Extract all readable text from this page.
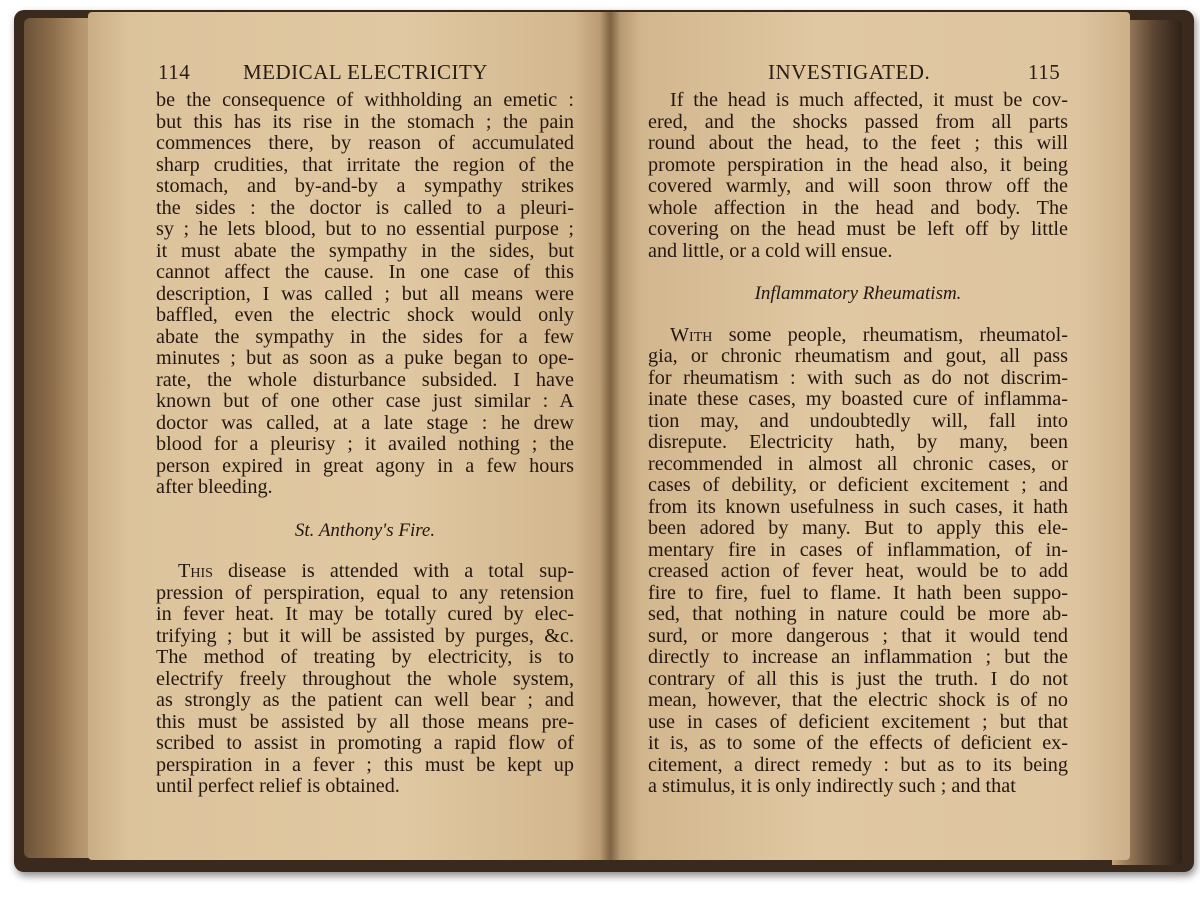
114	MEDICAL ELECTRICITY
be the consequence of withholding an emetic :
but this has its rise in the stomach ; the pain
commences there, by reason of accumulated
sharp crudities, that irritate the region of the
stomach, and by-and-by a sympathy strikes
the sides : the doctor is called to a pleuri-
sy ; he lets blood, but to no essential purpose ;
it must abate the sympathy in the sides, but
cannot affect the cause. In one case of this
description, I was called ; but all means were
baffled, even the electric shock would only
abate the sympathy in the sides for a few
minutes ; but as soon as a puke began to ope-
rate, the whole disturbance subsided. I have
known but of one other case just similar : A
doctor was called, at a late stage : he drew
blood for a pleurisy ; it availed nothing ; the
person expired in great agony in a few hours
after bleeding.
St. Anthony's Fire.
This disease is attended with a total sup-
pression of perspiration, equal to any retension
in fever heat. It may be totally cured by elec-
trifying ; but it will be assisted by purges, &c.
The method of treating by electricity, is to
electrify freely throughout the whole system,
as strongly as the patient can well bear ; and
this must be assisted by all those means pre-
scribed to assist in promoting a rapid flow of
perspiration in a fever ; this must be kept up
until perfect relief is obtained.
INVESTIGATED.	115
If the head is much affected, it must be cov-
ered, and the shocks passed from all parts
round about the head, to the feet ; this will
promote perspiration in the head also, it being
covered warmly, and will soon throw off the
whole affection in the head and body. The
covering on the head must be left off by little
and little, or a cold will ensue.
Inflammatory Rheumatism.
With some people, rheumatism, rheumatol-
gia, or chronic rheumatism and gout, all pass
for rheumatism : with such as do not discrim-
inate these cases, my boasted cure of inflamma-
tion may, and undoubtedly will, fall into
disrepute. Electricity hath, by many, been
recommended in almost all chronic cases, or
cases of debility, or deficient excitement ; and
from its known usefulness in such cases, it hath
been adored by many. But to apply this ele-
mentary fire in cases of inflammation, of in-
creased action of fever heat, would be to add
fire to fire, fuel to flame. It hath been suppo-
sed, that nothing in nature could be more ab-
surd, or more dangerous ; that it would tend
directly to increase an inflammation ; but the
contrary of all this is just the truth. I do not
mean, however, that the electric shock is of no
use in cases of deficient excitement ; but that
it is, as to some of the effects of deficient ex-
citement, a direct remedy : but as to its being
a stimulus, it is only indirectly such ; and that
